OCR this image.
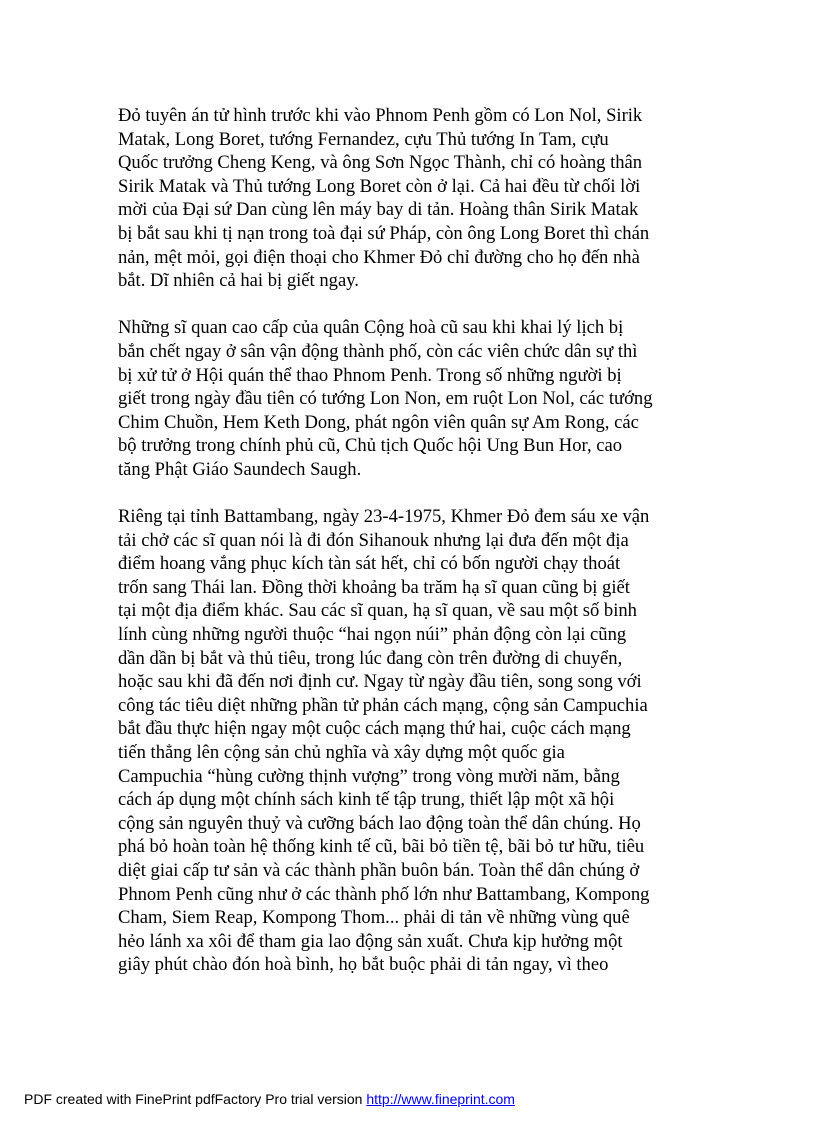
Đỏ tuyên án tử hình trước khi vào Phnom Penh gồm có Lon Nol, Sirik
Matak, Long Boret, tướng Fernandez, cựu Thủ tướng In Tam, cựu
Quốc trưởng Cheng Keng, và ông Sơn Ngọc Thành, chỉ có hoàng thân
Sirik Matak và Thủ tướng Long Boret còn ở lại. Cả hai đều từ chối lời
mời của Đại sứ Dan cùng lên máy bay di tản. Hoàng thân Sirik Matak
bị bắt sau khi tị nạn trong toà đại sứ Pháp, còn ông Long Boret thì chán
nản, mệt mỏi, gọi điện thoại cho Khmer Đỏ chỉ đường cho họ đến nhà
bắt. Dĩ nhiên cả hai bị giết ngay.

Những sĩ quan cao cấp của quân Cộng hoà cũ sau khi khai lý lịch bị
bắn chết ngay ở sân vận động thành phố, còn các viên chức dân sự thì
bị xử tử ở Hội quán thể thao Phnom Penh. Trong số những người bị
giết trong ngày đầu tiên có tướng Lon Non, em ruột Lon Nol, các tướng
Chim Chuồn, Hem Keth Dong, phát ngôn viên quân sự Am Rong, các
bộ trưởng trong chính phủ cũ, Chủ tịch Quốc hội Ung Bun Hor, cao
tăng Phật Giáo Saundech Saugh.

Riêng tại tỉnh Battambang, ngày 23-4-1975, Khmer Đỏ đem sáu xe vận
tải chở các sĩ quan nói là đi đón Sihanouk nhưng lại đưa đến một địa
điểm hoang vắng phục kích tàn sát hết, chỉ có bốn người chạy thoát
trốn sang Thái lan. Đồng thời khoảng ba trăm hạ sĩ quan cũng bị giết
tại một địa điểm khác. Sau các sĩ quan, hạ sĩ quan, về sau một số binh
lính cùng những người thuộc “hai ngọn núi” phản động còn lại cũng
dần dần bị bắt và thủ tiêu, trong lúc đang còn trên đường di chuyển,
hoặc sau khi đã đến nơi định cư. Ngay từ ngày đầu tiên, song song với
công tác tiêu diệt những phần tử phản cách mạng, cộng sản Campuchia
bắt đầu thực hiện ngay một cuộc cách mạng thứ hai, cuộc cách mạng
tiến thẳng lên cộng sản chủ nghĩa và xây dựng một quốc gia
Campuchia “hùng cường thịnh vượng” trong vòng mười năm, bằng
cách áp dụng một chính sách kinh tế tập trung, thiết lập một xã hội
cộng sản nguyên thuỷ và cưỡng bách lao động toàn thể dân chúng. Họ
phá bỏ hoàn toàn hệ thống kinh tế cũ, bãi bỏ tiền tệ, bãi bỏ tư hữu, tiêu
diệt giai cấp tư sản và các thành phần buôn bán. Toàn thể dân chúng ở
Phnom Penh cũng như ở các thành phố lớn như Battambang, Kompong
Cham, Siem Reap, Kompong Thom... phải di tản về những vùng quê
hẻo lánh xa xôi để tham gia lao động sản xuất. Chưa kịp hưởng một
giây phút chào đón hoà bình, họ bắt buộc phải di tản ngay, vì theo

PDF created with FinePrint pdfFactory Pro trial version http://www.fineprint.com
